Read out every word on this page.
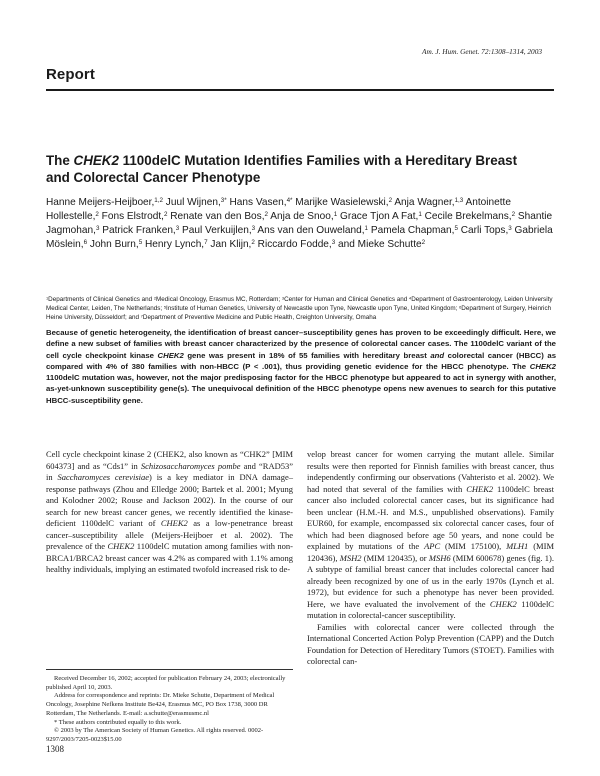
Am. J. Hum. Genet. 72:1308–1314, 2003
Report
The CHEK2 1100delC Mutation Identifies Families with a Hereditary Breast and Colorectal Cancer Phenotype
Hanne Meijers-Heijboer,$^{1,2}$ Juul Wijnen,$^{3*}$ Hans Vasen,$^{4*}$ Marijke Wasielewski,$^2$ Anja Wagner,$^{1,3}$ Antoinette Hollestelle,$^2$ Fons Elstrodt,$^2$ Renate van den Bos,$^2$ Anja de Snoo,$^1$ Grace Tjon A Fat,$^1$ Cecile Brekelmans,$^2$ Shantie Jagmohan,$^3$ Patrick Franken,$^3$ Paul Verkuijlen,$^3$ Ans van den Ouweland,$^1$ Pamela Chapman,$^5$ Carli Tops,$^3$ Gabriela Möslein,$^6$ John Burn,$^5$ Henry Lynch,$^7$ Jan Klijn,$^2$ Riccardo Fodde,$^3$ and Mieke Schutte$^2$
$^1$Departments of Clinical Genetics and $^2$Medical Oncology, Erasmus MC, Rotterdam; $^3$Center for Human and Clinical Genetics and $^4$Department of Gastroenterology, Leiden University Medical Center, Leiden, The Netherlands; $^5$Institute of Human Genetics, University of Newcastle upon Tyne, Newcastle upon Tyne, United Kingdom; $^6$Department of Surgery, Heinrich Heine University, Düsseldorf; and $^7$Department of Preventive Medicine and Public Health, Creighton University, Omaha
Because of genetic heterogeneity, the identification of breast cancer–susceptibility genes has proven to be exceedingly difficult. Here, we define a new subset of families with breast cancer characterized by the presence of colorectal cancer cases. The 1100delC variant of the cell cycle checkpoint kinase CHEK2 gene was present in 18% of 55 families with hereditary breast and colorectal cancer (HBCC) as compared with 4% of 380 families with non-HBCC (P < .001), thus providing genetic evidence for the HBCC phenotype. The CHEK2 1100delC mutation was, however, not the major predisposing factor for the HBCC phenotype but appeared to act in synergy with another, as-yet-unknown susceptibility gene(s). The unequivocal definition of the HBCC phenotype opens new avenues to search for this putative HBCC-susceptibility gene.

Cell cycle checkpoint kinase 2 (CHEK2, also known as “CHK2” [MIM 604373] and as “Cds1” in Schizosaccharomyces pombe and “RAD53” in Saccharomyces cerevisiae) is a key mediator in DNA damage–response pathways (Zhou and Elledge 2000; Bartek et al. 2001; Myung and Kolodner 2002; Rouse and Jackson 2002). In the course of our search for new breast cancer genes, we recently identified the kinase-deficient 1100delC variant of CHEK2 as a low-penetrance breast cancer–susceptibility allele (Meijers-Heijboer et al. 2002). The prevalence of the CHEK2 1100delC mutation among families with non-BRCA1/BRCA2 breast cancer was 4.2% as compared with 1.1% among healthy individuals, implying an estimated twofold increased risk to de-

velop breast cancer for women carrying the mutant allele. Similar results were then reported for Finnish families with breast cancer, thus independently confirming our observations (Vahteristo et al. 2002). We had noted that several of the families with CHEK2 1100delC breast cancer also included colorectal cancer cases, but its significance had been unclear (H.M.-H. and M.S., unpublished observations). Family EUR60, for example, encompassed six colorectal cancer cases, four of which had been diagnosed before age 50 years, and none could be explained by mutations of the APC (MIM 175100), MLH1 (MIM 120436), MSH2 (MIM 120435), or MSH6 (MIM 600678) genes (fig. 1). A subtype of familial breast cancer that includes colorectal cancer had already been recognized by one of us in the early 1970s (Lynch et al. 1972), but evidence for such a phenotype has never been provided. Here, we have evaluated the involvement of the CHEK2 1100delC mutation in colorectal-cancer susceptibility.

Families with colorectal cancer were collected through the International Concerted Action Polyp Prevention (CAPP) and the Dutch Foundation for Detection of Hereditary Tumors (STOET). Families with colorectal can-

Received December 16, 2002; accepted for publication February 24, 2003; electronically published April 10, 2003.

Address for correspondence and reprints: Dr. Mieke Schutte, Department of Medical Oncology, Josephine Nefkens Institute Be424, Erasmus MC, PO Box 1738, 3000 DR Rotterdam, The Netherlands. E-mail: a.schutte@erasmusmc.nl

* These authors contributed equally to this work.

© 2003 by The American Society of Human Genetics. All rights reserved. 0002-9297/2003/7205-0023$15.00

1308
